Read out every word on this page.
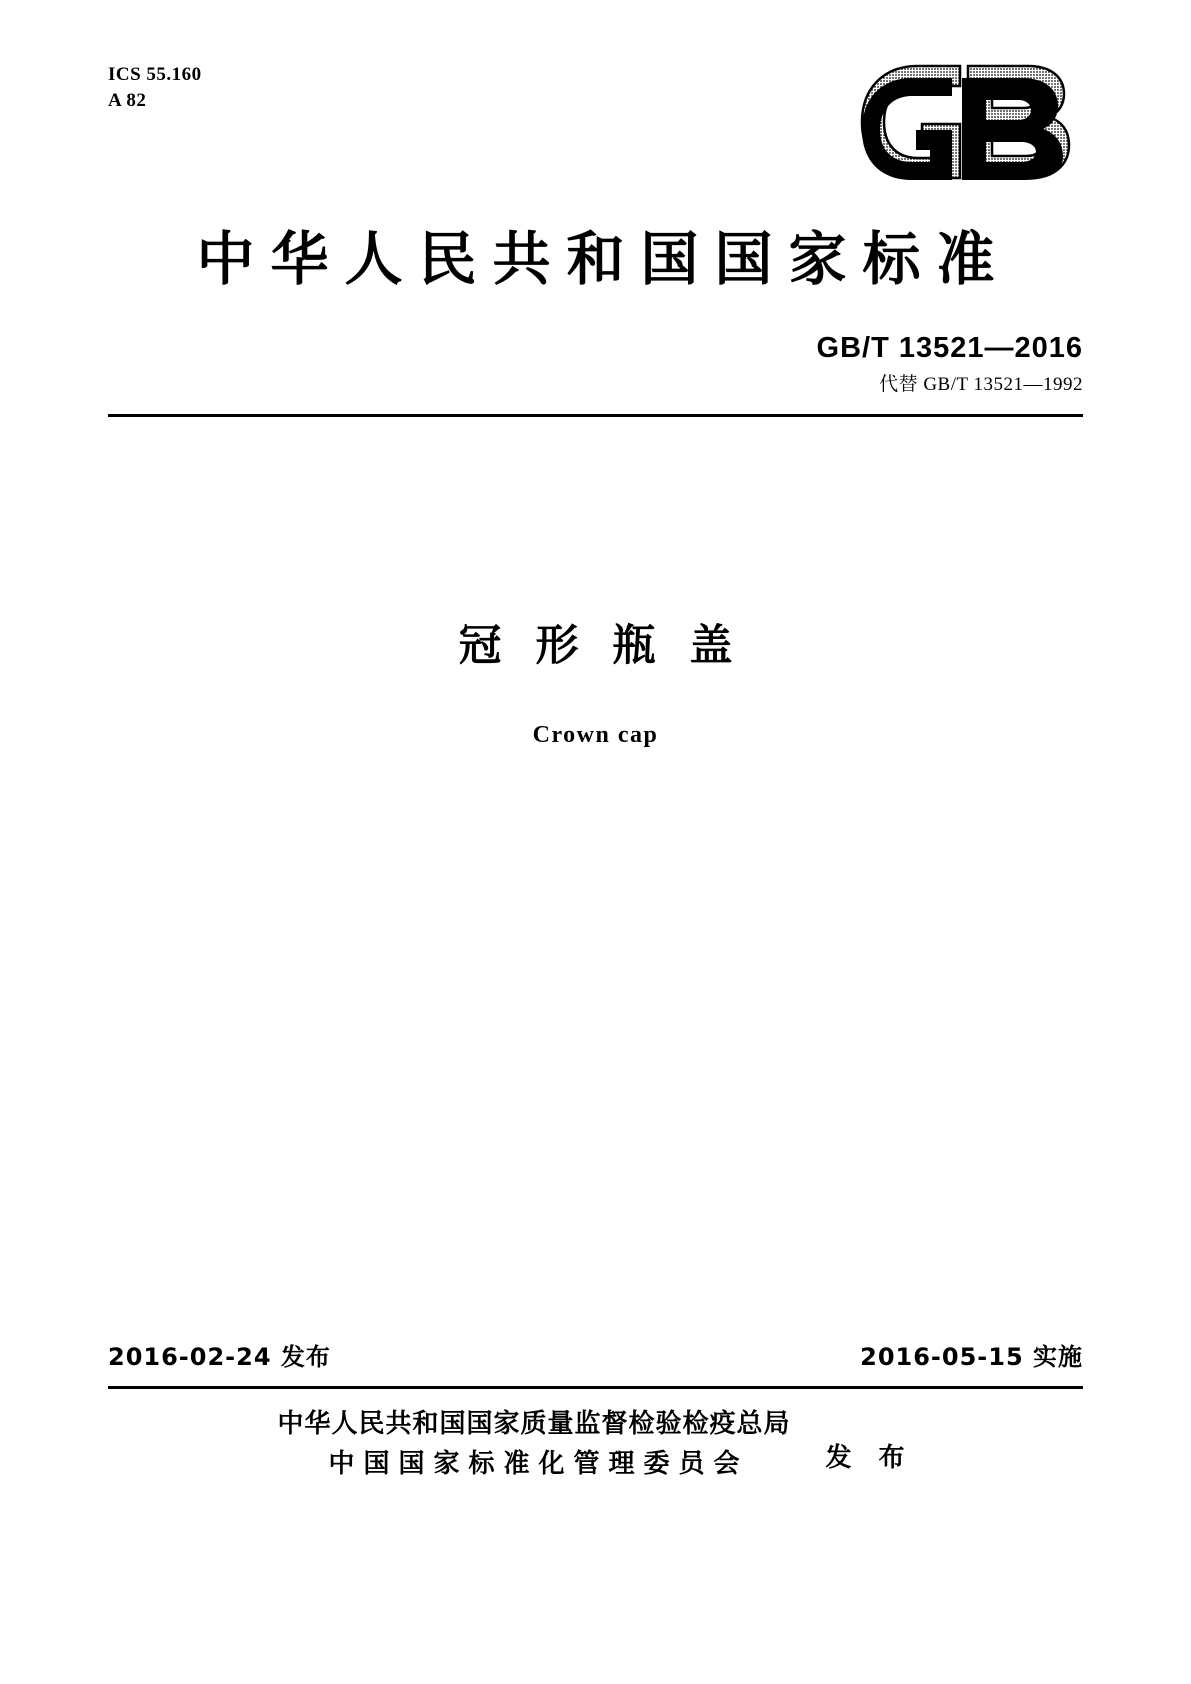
ICS 55.160
A 82
中华人民共和国国家标准
GB/T 13521—2016
代替 GB/T 13521—1992
冠形瓶盖
Crown cap
2016-02-24 发布	2016-05-15 实施
中华人民共和国国家质量监督检验检疫总局
中国国家标准化管理委员会	发 布
